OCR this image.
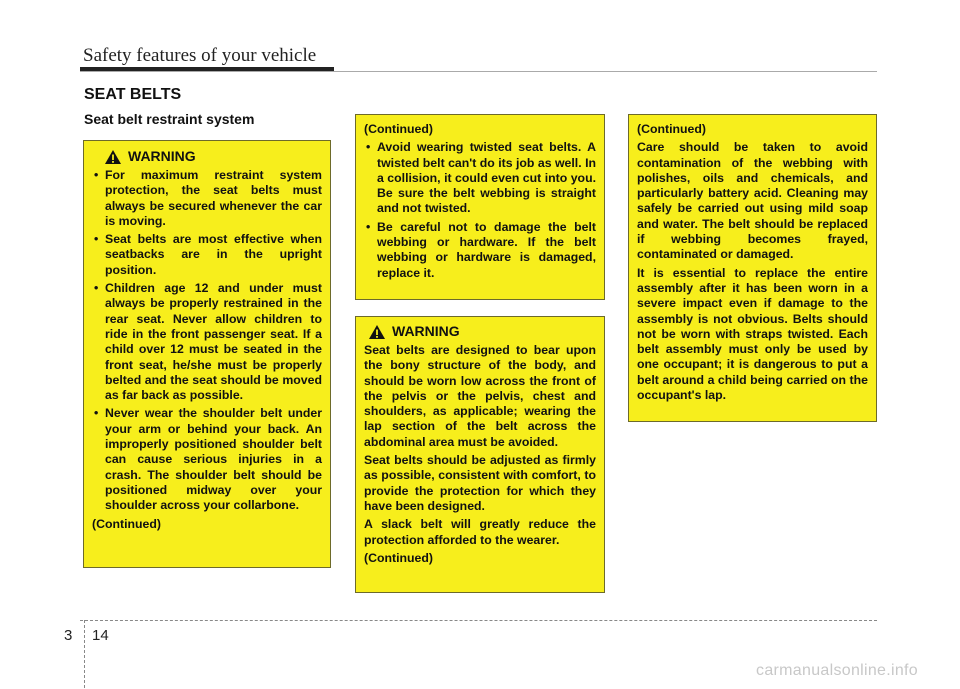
Safety features of your vehicle
SEAT BELTS
Seat belt restraint system
WARNING
• For maximum restraint system protection, the seat belts must always be secured whenever the car is moving.
• Seat belts are most effective when seatbacks are in the upright position.
• Children age 12 and under must always be properly restrained in the rear seat. Never allow children to ride in the front passenger seat. If a child over 12 must be seated in the front seat, he/she must be properly belted and the seat should be moved as far back as possible.
• Never wear the shoulder belt under your arm or behind your back. An improperly positioned shoulder belt can cause serious injuries in a crash. The shoulder belt should be positioned midway over your shoulder across your collarbone.

(Continued)

(Continued)

• Avoid wearing twisted seat belts. A twisted belt can't do its job as well. In a collision, it could even cut into you. Be sure the belt webbing is straight and not twisted.
• Be careful not to damage the belt webbing or hardware. If the belt webbing or hardware is damaged, replace it.
WARNING

Seat belts are designed to bear upon the bony structure of the body, and should be worn low across the front of the pelvis or the pelvis, chest and shoulders, as applicable; wearing the lap section of the belt across the abdominal area must be avoided.

Seat belts should be adjusted as firmly as possible, consistent with comfort, to provide the protection for which they have been designed.

A slack belt will greatly reduce the protection afforded to the wearer.

(Continued)

(Continued)

Care should be taken to avoid contamination of the webbing with polishes, oils and chemicals, and particularly battery acid. Cleaning may safely be carried out using mild soap and water. The belt should be replaced if webbing becomes frayed, contaminated or damaged.

It is essential to replace the entire assembly after it has been worn in a severe impact even if damage to the assembly is not obvious. Belts should not be worn with straps twisted. Each belt assembly must only be used by one occupant; it is dangerous to put a belt around a child being carried on the occupant's lap.

3 14
carmanualsonline.info
